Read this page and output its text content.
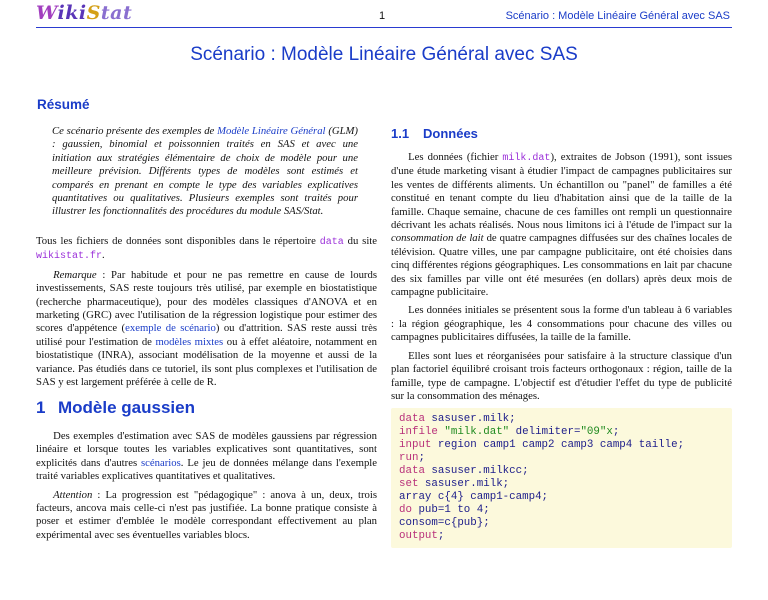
WikiStat	1	Scénario : Modèle Linéaire Général avec SAS
Scénario : Modèle Linéaire Général avec SAS
Résumé
Ce scénario présente des exemples de Modèle Linéaire Général (GLM) : gaussien, binomial et poissonnien traités en SAS et avec une initiation aux stratégies élémentaire de choix de modèle pour une meilleure prévision. Différents types de modèles sont estimés et comparés en prenant en compte le type des variables explicatives quantitatives ou qualitatives. Plusieurs exemples sont traités pour illustrer les fonctionnalités des procédures du module SAS/Stat.

Tous les fichiers de données sont disponibles dans le répertoire data du site wikistat.fr.

Remarque : Par habitude et pour ne pas remettre en cause de lourds investissements, SAS reste toujours très utilisé, par exemple en biostatistique (recherche pharmaceutique), pour des modèles classiques d'ANOVA et en marketing (GRC) avec l'utilisation de la régression logistique pour estimer des scores d'appétence (exemple de scénario) ou d'attrition. SAS reste aussi très utilisé pour l'estimation de modèles mixtes ou à effet aléatoire, notamment en biostatistique (INRA), associant modélisation de la moyenne et aussi de la variance. Pas étudiés dans ce tutoriel, ils sont plus complexes et l'utilisation de SAS y est largement préférée à celle de R.

1 Modèle gaussien

Des exemples d'estimation avec SAS de modèles gaussiens par régression linéaire et lorsque toutes les variables explicatives sont quantitatives, sont explicités dans d'autres scénarios. Le jeu de données mélange dans l'exemple traité variables explicatives quantitatives et qualitatives.

Attention : La progression est "pédagogique" : anova à un, deux, trois facteurs, ancova mais celle-ci n'est pas justifiée. La bonne pratique consiste à poser et estimer d'emblée le modèle correspondant effectivement au plan expérimental avec ses éventuelles variables blocs.

1.1 Données

Les données (fichier milk.dat), extraites de Jobson (1991), sont issues d'une étude marketing visant à étudier l'impact de campagnes publicitaires sur les ventes de différents aliments. Un échantillon ou "panel" de familles a été constitué en tenant compte du lieu d'habitation ainsi que de la taille de la famille. Chaque semaine, chacune de ces familles ont rempli un questionnaire décrivant les achats réalisés. Nous nous limitons ici à l'étude de l'impact sur la consommation de lait de quatre campagnes diffusées sur des chaînes locales de télévision. Quatre villes, une par campagne publicitaire, ont été choisies dans cinq différentes régions géographiques. Les consommations en lait par chacune des six familles par ville ont été mesurées (en dollars) après deux mois de campagne publicitaire.

Les données initiales se présentent sous la forme d'un tableau à 6 variables : la région géographique, les 4 consommations pour chacune des villes ou campagnes publicitaires diffusées, la taille de la famille.

Elles sont lues et réorganisées pour satisfaire à la structure classique d'un plan factoriel équilibré croisant trois facteurs orthogonaux : région, taille de la famille, type de campagne. L'objectif est d'étudier l'effet du type de publicité sur la consommation des ménages.

data sasuser.milk;
infile "milk.dat" delimiter="09"x;
input region camp1 camp2 camp3 camp4 taille;
run;
data sasuser.milkcc;
set sasuser.milk;
array c{4} camp1-camp4;
do pub=1 to 4;
consom=c{pub};
output;
